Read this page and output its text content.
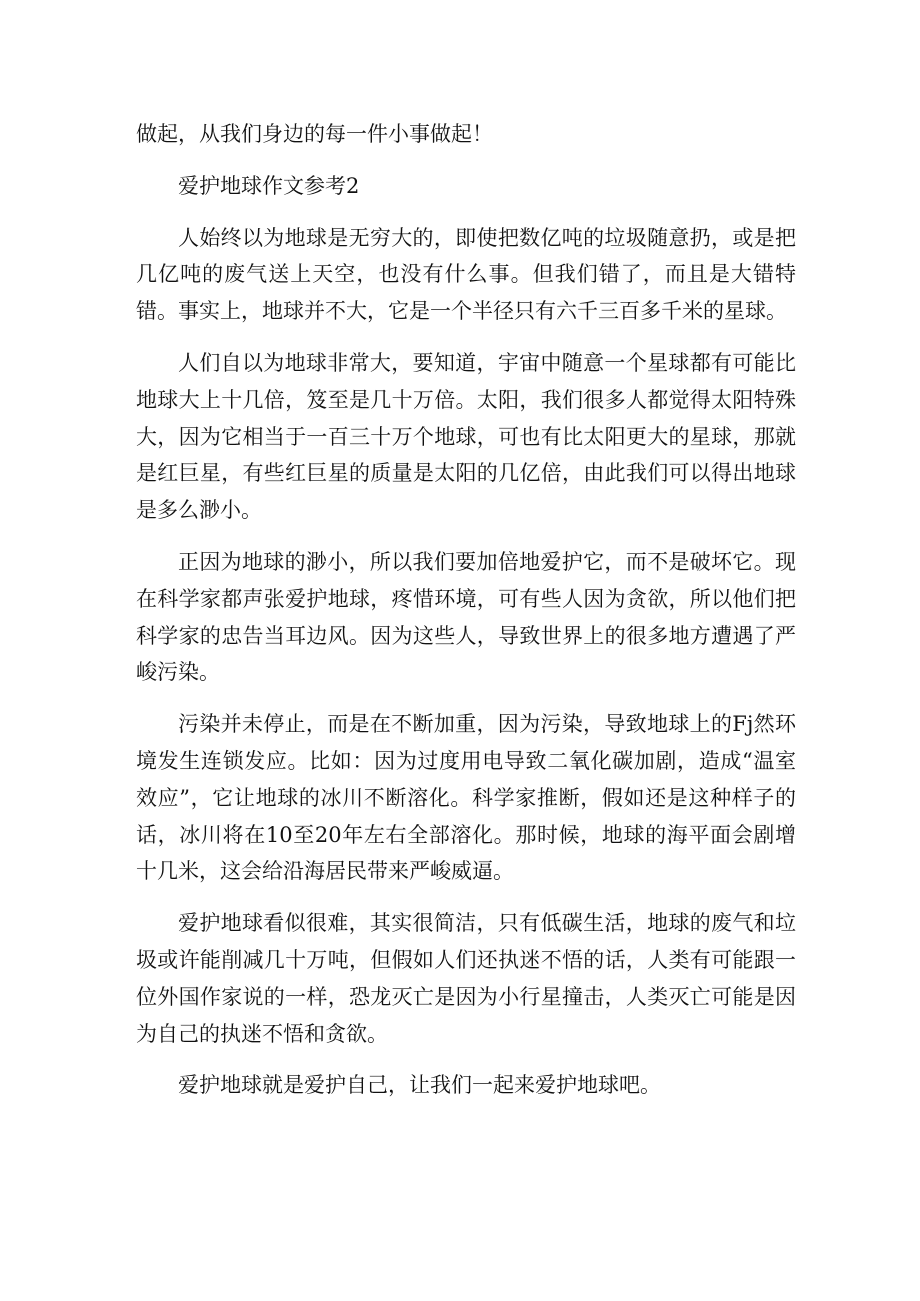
做起，从我们身边的每一件小事做起！

爱护地球作文参考2

人始终以为地球是无穷大的，即使把数亿吨的垃圾随意扔，或是把几亿吨的废气送上天空，也没有什么事。但我们错了，而且是大错特错。事实上，地球并不大，它是一个半径只有六千三百多千米的星球。

人们自以为地球非常大，要知道，宇宙中随意一个星球都有可能比地球大上十几倍，笈至是几十万倍。太阳，我们很多人都觉得太阳特殊大，因为它相当于一百三十万个地球，可也有比太阳更大的星球，那就是红巨星，有些红巨星的质量是太阳的几亿倍，由此我们可以得出地球是多么渺小。

正因为地球的渺小，所以我们要加倍地爱护它，而不是破坏它。现在科学家都声张爱护地球，疼惜环境，可有些人因为贪欲，所以他们把科学家的忠告当耳边风。因为这些人，导致世界上的很多地方遭遇了严峻污染。

污染并未停止，而是在不断加重，因为污染，导致地球上的Fj然环境发生连锁发应。比如：因为过度用电导致二氧化碳加剧，造成“温室效应”，它让地球的冰川不断溶化。科学家推断，假如还是这种样子的话，冰川将在10至20年左右全部溶化。那时候，地球的海平面会剧增十几米，这会给沿海居民带来严峻威逼。

爱护地球看似很难，其实很简洁，只有低碳生活，地球的废气和垃圾或许能削减几十万吨，但假如人们还执迷不悟的话，人类有可能跟一位外国作家说的一样，恐龙灭亡是因为小行星撞击，人类灭亡可能是因为自己的执迷不悟和贪欲。

爱护地球就是爱护自己，让我们一起来爱护地球吧。
